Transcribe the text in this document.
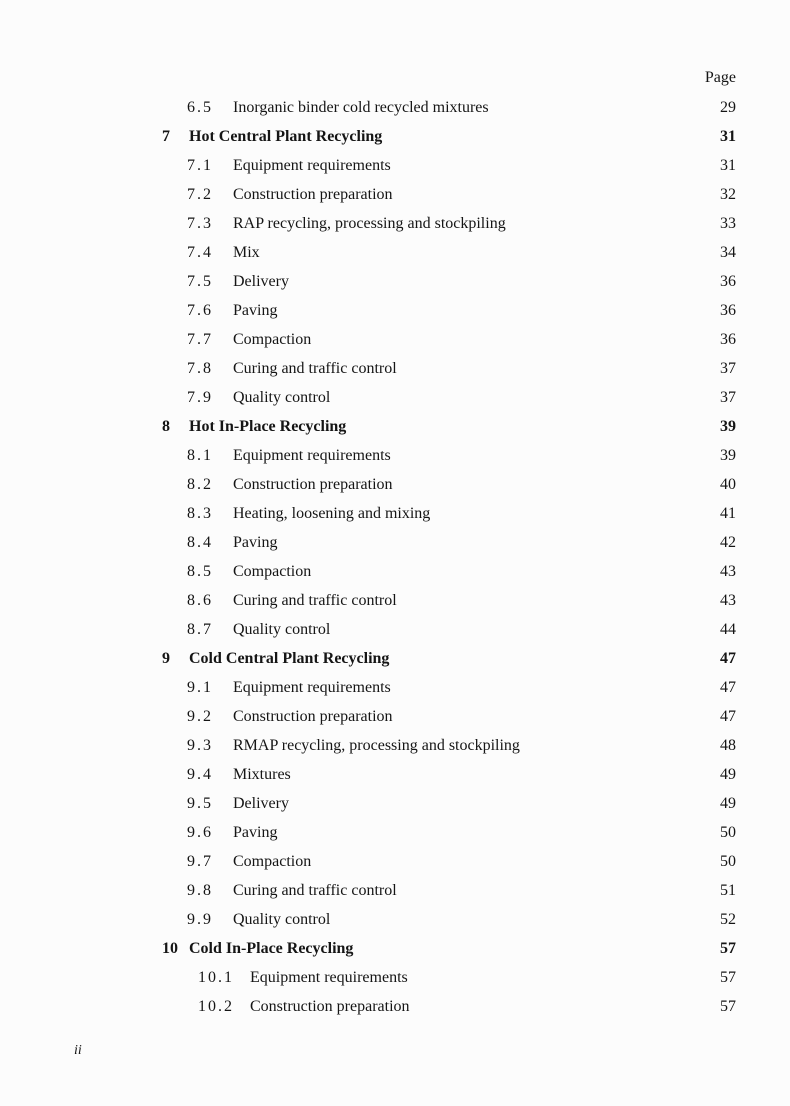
Page
6.5 Inorganic binder cold recycled mixtures	29
7 Hot Central Plant Recycling	31
7.1 Equipment requirements	31
7.2 Construction preparation	32
7.3 RAP recycling, processing and stockpiling	33
7.4 Mix	34
7.5 Delivery	36
7.6 Paving	36
7.7 Compaction	36
7.8 Curing and traffic control	37
7.9 Quality control	37
8 Hot In-Place Recycling	39
8.1 Equipment requirements	39
8.2 Construction preparation	40
8.3 Heating, loosening and mixing	41
8.4 Paving	42
8.5 Compaction	43
8.6 Curing and traffic control	43
8.7 Quality control	44
9 Cold Central Plant Recycling	47
9.1 Equipment requirements	47
9.2 Construction preparation	47
9.3 RMAP recycling, processing and stockpiling	48
9.4 Mixtures	49
9.5 Delivery	49
9.6 Paving	50
9.7 Compaction	50
9.8 Curing and traffic control	51
9.9 Quality control	52
10 Cold In-Place Recycling	57
10.1 Equipment requirements	57
10.2 Construction preparation	57
ii
